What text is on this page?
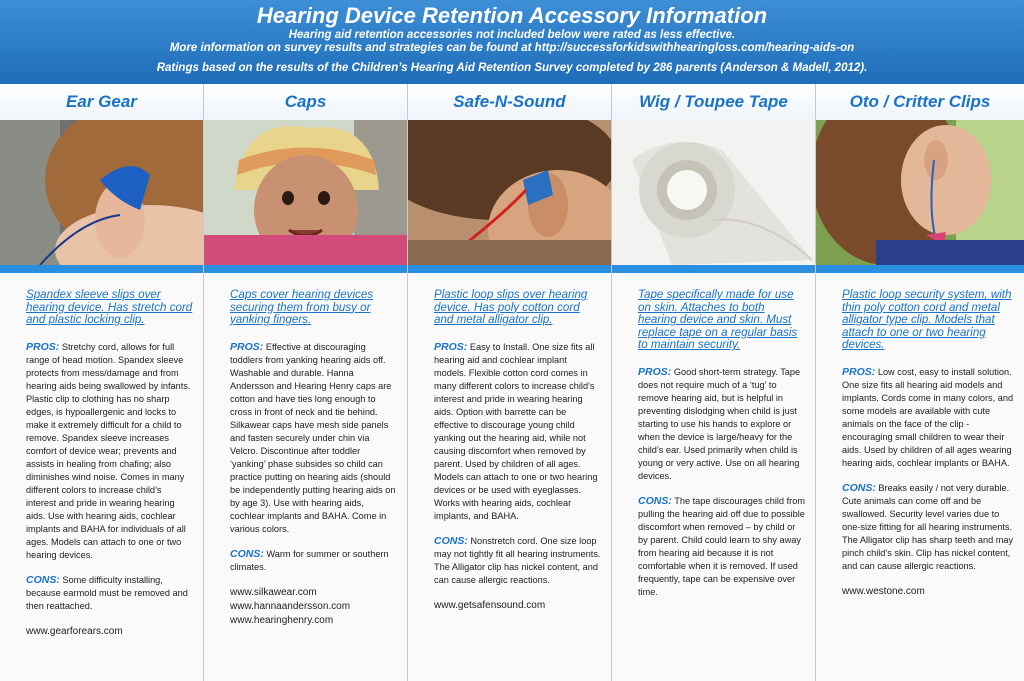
Hearing Device Retention Accessory Information
Hearing aid retention accessories not included below were rated as less effective.
More information on survey results and strategies can be found at http://successforkidswithhearingloss.com/hearing-aids-on
Ratings based on the results of the Children’s Hearing Aid Retention Survey completed by 286 parents (Anderson & Madell, 2012).
Ear Gear
Spandex sleeve slips over hearing device. Has stretch cord and plastic locking clip.
PROS: Stretchy cord, allows for full range of head motion. Spandex sleeve protects from mess/damage and from hearing aids being swallowed by infants. Plastic clip to clothing has no sharp edges, is hypoallergenic and locks to make it extremely difficult for a child to remove. Spandex sleeve increases comfort of device wear; prevents and assists in healing from chafing; also diminishes wind noise. Comes in many different colors to increase child’s interest and pride in wearing hearing aids. Use with hearing aids, cochlear implants and BAHA for individuals of all ages. Models can attach to one or two hearing devices.
CONS: Some difficulty installing, because earmold must be removed and then reattached.
www.gearforears.com
Caps
Caps cover hearing devices securing them from busy or yanking fingers.
PROS: Effective at discouraging toddlers from yanking hearing aids off. Washable and durable. Hanna Andersson and Hearing Henry caps are cotton and have ties long enough to cross in front of neck and tie behind. Silkawear caps have mesh side panels and fasten securely under chin via Velcro. Discontinue after toddler ‘yanking’ phase subsides so child can practice putting on hearing aids (should be independently putting hearing aids on by age 3). Use with hearing aids, cochlear implants and BAHA. Come in various colors.
CONS: Warm for summer or southern climates.
www.silkawear.com
www.hannaandersson.com
www.hearinghenry.com
Safe-N-Sound
Plastic loop slips over hearing device. Has poly cotton cord and metal alligator clip.
PROS: Easy to Install. One size fits all hearing aid and cochlear implant models. Flexible cotton cord comes in many different colors to increase child’s interest and pride in wearing hearing aids. Option with barrette can be effective to discourage young child yanking out the hearing aid, while not causing discomfort when removed by parent. Used by children of all ages. Models can attach to one or two hearing devices or be used with eyeglasses. Works with hearing aids, cochlear implants, and BAHA.
CONS: Nonstretch cord. One size loop may not tightly fit all hearing instruments. The Alligator clip has nickel content, and can cause allergic reactions.
www.getsafensound.com
Wig / Toupee Tape
Tape specifically made for use on skin. Attaches to both hearing device and skin. Must replace tape on a regular basis to maintain security.
PROS: Good short-term strategy. Tape does not require much of a ‘tug’ to remove hearing aid, but is helpful in preventing dislodging when child is just starting to use his hands to explore or when the device is large/heavy for the child’s ear. Used primarily when child is young or very active. Use on all hearing devices.
CONS: The tape discourages child from pulling the hearing aid off due to possible discomfort when removed – by child or by parent. Child could learn to shy away from hearing aid because it is not comfortable when it is removed. If used frequently, tape can be expensive over time.
Oto / Critter Clips
Plastic loop security system, with thin poly cotton cord and metal alligator type clip. Models that attach to one or two hearing devices.
PROS: Low cost, easy to install solution. One size fits all hearing aid models and implants. Cords come in many colors, and some models are available with cute animals on the face of the clip - encouraging small children to wear their aids. Used by children of all ages wearing hearing aids, cochlear implants or BAHA.
CONS: Breaks easily / not very durable. Cute animals can come off and be swallowed. Security level varies due to one-size fitting for all hearing instruments. The Alligator clip has sharp teeth and may pinch child’s skin. Clip has nickel content, and can cause allergic reactions.
www.westone.com
